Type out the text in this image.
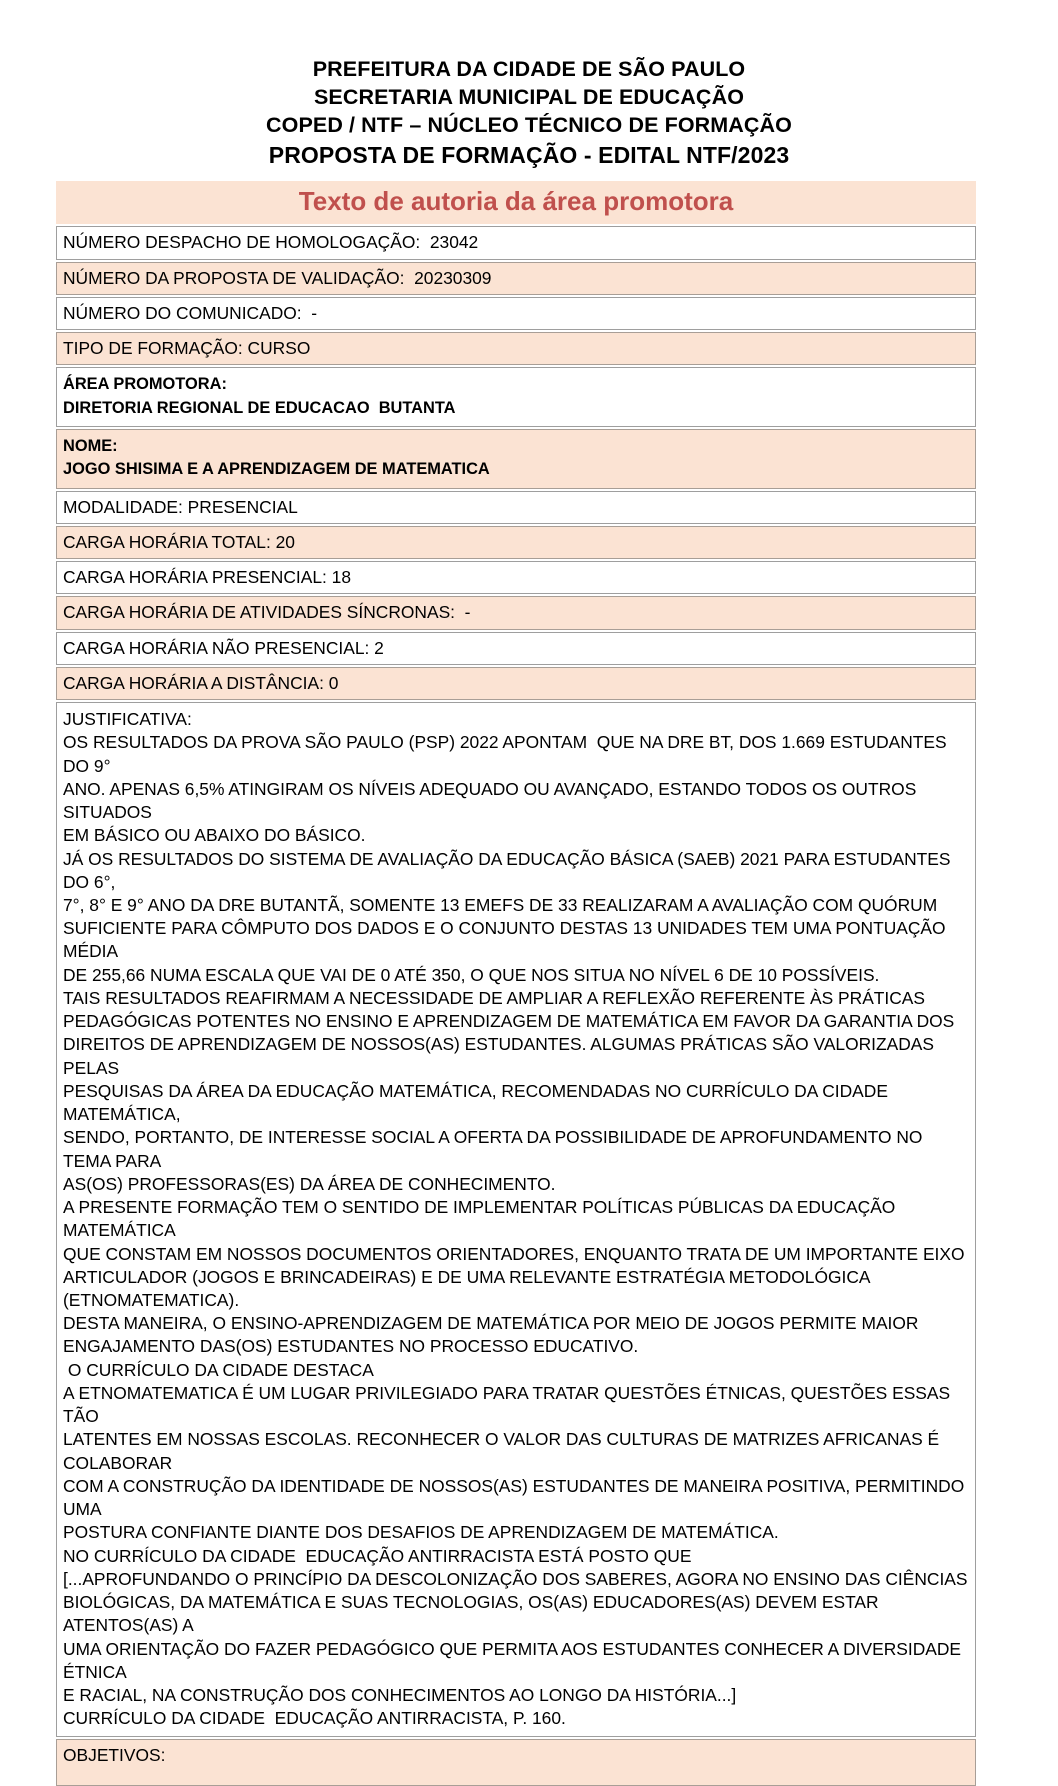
PREFEITURA DA CIDADE DE SÃO PAULO
SECRETARIA MUNICIPAL DE EDUCAÇÃO
COPED / NTF – NÚCLEO TÉCNICO DE FORMAÇÃO
PROPOSTA DE FORMAÇÃO - EDITAL NTF/2023
Texto de autoria da área promotora
NÚMERO DESPACHO DE HOMOLOGAÇÃO:  23042
NÚMERO DA PROPOSTA DE VALIDAÇÃO:  20230309
NÚMERO DO COMUNICADO:  -
TIPO DE FORMAÇÃO: CURSO
ÁREA PROMOTORA:
DIRETORIA REGIONAL DE EDUCACAO  BUTANTA
NOME:
JOGO SHISIMA E A APRENDIZAGEM DE MATEMATICA
MODALIDADE: PRESENCIAL
CARGA HORÁRIA TOTAL: 20
CARGA HORÁRIA PRESENCIAL: 18
CARGA HORÁRIA DE ATIVIDADES SÍNCRONAS:  -
CARGA HORÁRIA NÃO PRESENCIAL: 2
CARGA HORÁRIA A DISTÂNCIA: 0
JUSTIFICATIVA:
OS RESULTADOS DA PROVA SÃO PAULO (PSP) 2022 APONTAM  QUE NA DRE BT, DOS 1.669 ESTUDANTES DO 9°
ANO. APENAS 6,5% ATINGIRAM OS NÍVEIS ADEQUADO OU AVANÇADO, ESTANDO TODOS OS OUTROS SITUADOS
EM BÁSICO OU ABAIXO DO BÁSICO.
JÁ OS RESULTADOS DO SISTEMA DE AVALIAÇÃO DA EDUCAÇÃO BÁSICA (SAEB) 2021 PARA ESTUDANTES DO 6°,
7°, 8° E 9° ANO DA DRE BUTANTÃ, SOMENTE 13 EMEFS DE 33 REALIZARAM A AVALIAÇÃO COM QUÓRUM
SUFICIENTE PARA CÔMPUTO DOS DADOS E O CONJUNTO DESTAS 13 UNIDADES TEM UMA PONTUAÇÃO MÉDIA
DE 255,66 NUMA ESCALA QUE VAI DE 0 ATÉ 350, O QUE NOS SITUA NO NÍVEL 6 DE 10 POSSÍVEIS.
TAIS RESULTADOS REAFIRMAM A NECESSIDADE DE AMPLIAR A REFLEXÃO REFERENTE ÀS PRÁTICAS
PEDAGÓGICAS POTENTES NO ENSINO E APRENDIZAGEM DE MATEMÁTICA EM FAVOR DA GARANTIA DOS
DIREITOS DE APRENDIZAGEM DE NOSSOS(AS) ESTUDANTES. ALGUMAS PRÁTICAS SÃO VALORIZADAS PELAS
PESQUISAS DA ÁREA DA EDUCAÇÃO MATEMÁTICA, RECOMENDADAS NO CURRÍCULO DA CIDADE  MATEMÁTICA,
SENDO, PORTANTO, DE INTERESSE SOCIAL A OFERTA DA POSSIBILIDADE DE APROFUNDAMENTO NO TEMA PARA
AS(OS) PROFESSORAS(ES) DA ÁREA DE CONHECIMENTO.
A PRESENTE FORMAÇÃO TEM O SENTIDO DE IMPLEMENTAR POLÍTICAS PÚBLICAS DA EDUCAÇÃO MATEMÁTICA
QUE CONSTAM EM NOSSOS DOCUMENTOS ORIENTADORES, ENQUANTO TRATA DE UM IMPORTANTE EIXO
ARTICULADOR (JOGOS E BRINCADEIRAS) E DE UMA RELEVANTE ESTRATÉGIA METODOLÓGICA
(ETNOMATEMATICA).
DESTA MANEIRA, O ENSINO-APRENDIZAGEM DE MATEMÁTICA POR MEIO DE JOGOS PERMITE MAIOR
ENGAJAMENTO DAS(OS) ESTUDANTES NO PROCESSO EDUCATIVO.
O CURRÍCULO DA CIDADE DESTACA
A ETNOMATEMATICA É UM LUGAR PRIVILEGIADO PARA TRATAR QUESTÕES ÉTNICAS, QUESTÕES ESSAS TÃO
LATENTES EM NOSSAS ESCOLAS. RECONHECER O VALOR DAS CULTURAS DE MATRIZES AFRICANAS É COLABORAR
COM A CONSTRUÇÃO DA IDENTIDADE DE NOSSOS(AS) ESTUDANTES DE MANEIRA POSITIVA, PERMITINDO UMA
POSTURA CONFIANTE DIANTE DOS DESAFIOS DE APRENDIZAGEM DE MATEMÁTICA.
NO CURRÍCULO DA CIDADE  EDUCAÇÃO ANTIRRACISTA ESTÁ POSTO QUE
[...APROFUNDANDO O PRINCÍPIO DA DESCOLONIZAÇÃO DOS SABERES, AGORA NO ENSINO DAS CIÊNCIAS
BIOLÓGICAS, DA MATEMÁTICA E SUAS TECNOLOGIAS, OS(AS) EDUCADORES(AS) DEVEM ESTAR ATENTOS(AS) A
UMA ORIENTAÇÃO DO FAZER PEDAGÓGICO QUE PERMITA AOS ESTUDANTES CONHECER A DIVERSIDADE ÉTNICA
E RACIAL, NA CONSTRUÇÃO DOS CONHECIMENTOS AO LONGO DA HISTÓRIA...]
CURRÍCULO DA CIDADE  EDUCAÇÃO ANTIRRACISTA, P. 160.
OBJETIVOS:
